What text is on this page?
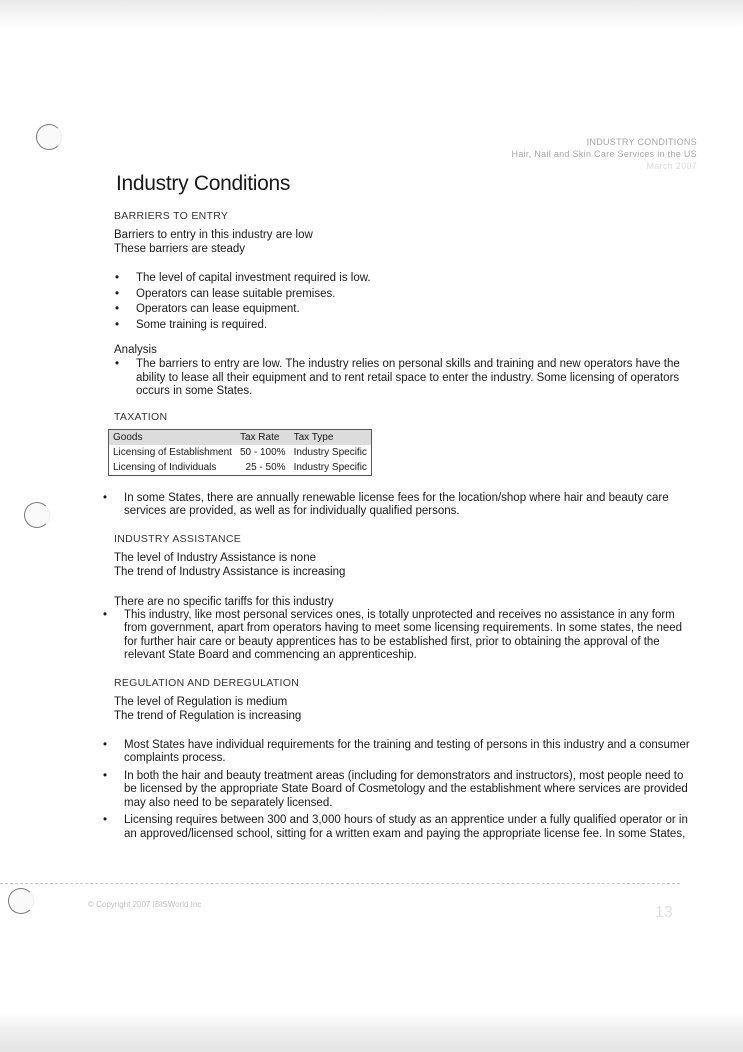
INDUSTRY CONDITIONS
Hair, Nail and Skin Care Services in the US
March 2007
Industry Conditions
BARRIERS TO ENTRY
Barriers to entry in this industry are low
These barriers are steady
• The level of capital investment required is low.
• Operators can lease suitable premises.
• Operators can lease equipment.
• Some training is required.
Analysis
• The barriers to entry are low. The industry relies on personal skills and training and new operators have the ability to lease all their equipment and to rent retail space to enter the industry. Some licensing of operators occurs in some States.
TAXATION
Goods	Tax Rate	Tax Type
Licensing of Establishment	50 - 100%	Industry Specific
Licensing of Individuals	25 - 50%	Industry Specific
• In some States, there are annually renewable license fees for the location/shop where hair and beauty care services are provided, as well as for individually qualified persons.
INDUSTRY ASSISTANCE
The level of Industry Assistance is none
The trend of Industry Assistance is increasing
There are no specific tariffs for this industry
• This industry, like most personal services ones, is totally unprotected and receives no assistance in any form from government, apart from operators having to meet some licensing requirements. In some states, the need for further hair care or beauty apprentices has to be established first, prior to obtaining the approval of the relevant State Board and commencing an apprenticeship.
REGULATION AND DEREGULATION
The level of Regulation is medium
The trend of Regulation is increasing
• Most States have individual requirements for the training and testing of persons in this industry and a consumer complaints process.
• In both the hair and beauty treatment areas (including for demonstrators and instructors), most people need to be licensed by the appropriate State Board of Cosmetology and the establishment where services are provided may also need to be separately licensed.
• Licensing requires between 300 and 3,000 hours of study as an apprentice under a fully qualified operator or in an approved/licensed school, sitting for a written exam and paying the appropriate license fee. In some States,
© Copyright 2007 IBISWorld Inc	13
